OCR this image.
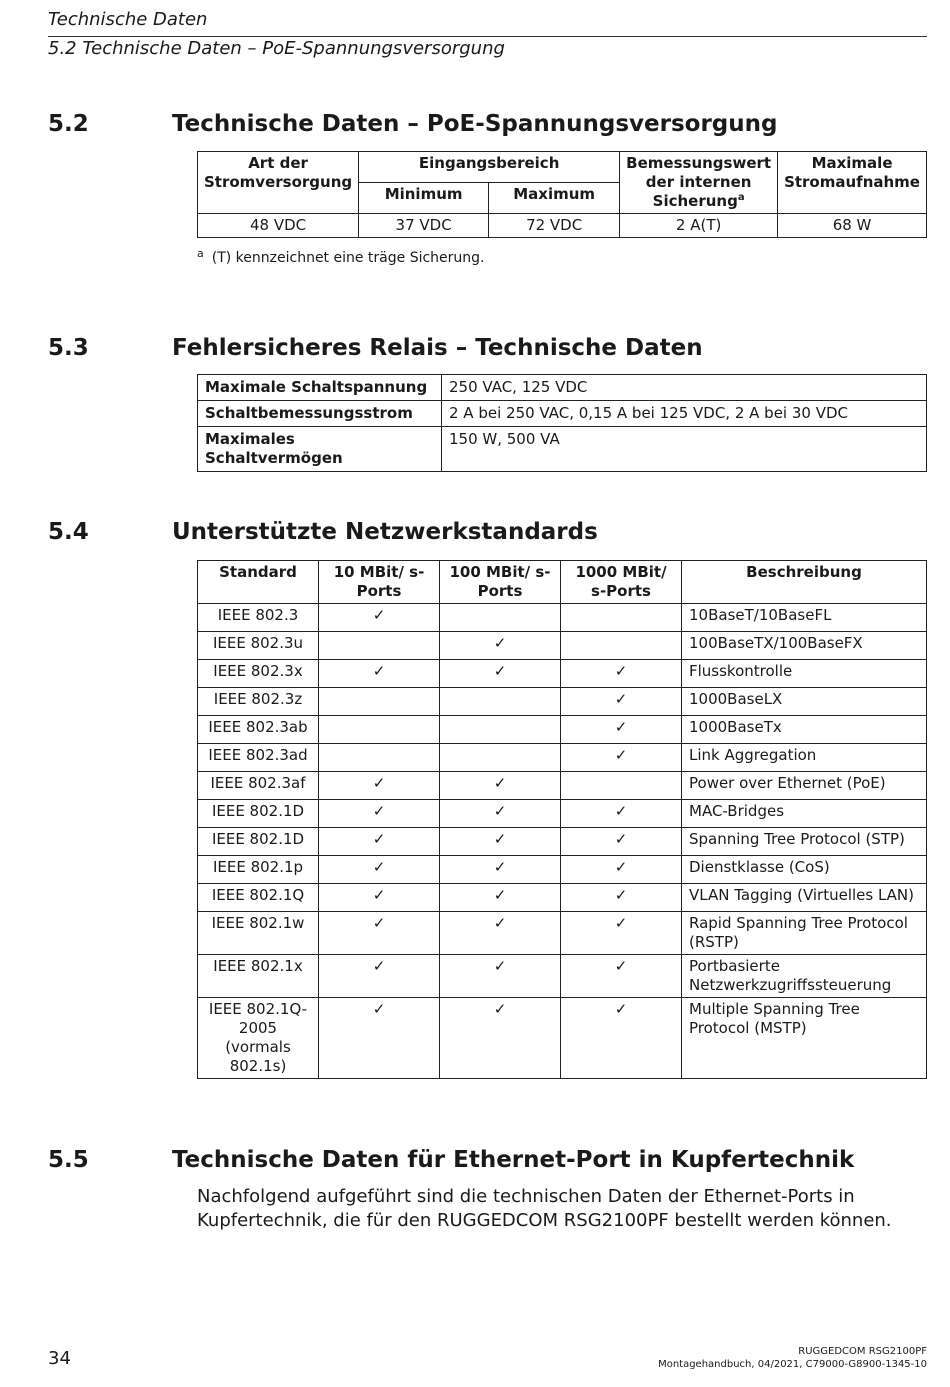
Technische Daten
5.2 Technische Daten – PoE-Spannungsversorgung
5.2	Technische Daten – PoE-Spannungsversorgung
Art der Stromversorgung	Eingangsbereich		Bemessungswert der internen Sicherung$^a$	Maximale Stromaufnahme
	Minimum	Maximum		
48 VDC	37 VDC	72 VDC	2 A(T)	68 W
$^a$ (T) kennzeichnet eine träge Sicherung.
5.3	Fehlersicheres Relais – Technische Daten
Maximale Schaltspannung	250 VAC, 125 VDC
Schaltbemessungsstrom	2 A bei 250 VAC, 0,15 A bei 125 VDC, 2 A bei 30 VDC
Maximales Schaltvermögen	150 W, 500 VA
5.4	Unterstützte Netzwerkstandards
Standard	10 MBit/ s-Ports	100 MBit/ s-Ports	1000 MBit/ s-Ports	Beschreibung
IEEE 802.3	✓			10BaseT/10BaseFL
IEEE 802.3u		✓		100BaseTX/100BaseFX
IEEE 802.3x	✓	✓	✓	Flusskontrolle
IEEE 802.3z			✓	1000BaseLX
IEEE 802.3ab			✓	1000BaseTx
IEEE 802.3ad			✓	Link Aggregation
IEEE 802.3af	✓	✓		Power over Ethernet (PoE)
IEEE 802.1D	✓	✓	✓	MAC-Bridges
IEEE 802.1D	✓	✓	✓	Spanning Tree Protocol (STP)
IEEE 802.1p	✓	✓	✓	Dienstklasse (CoS)
IEEE 802.1Q	✓	✓	✓	VLAN Tagging (Virtuelles LAN)
IEEE 802.1w	✓	✓	✓	Rapid Spanning Tree Protocol (RSTP)
IEEE 802.1x	✓	✓	✓	Portbasierte Netzwerkzugriffssteuerung
IEEE 802.1Q-2005 (vormals 802.1s)	✓	✓	✓	Multiple Spanning Tree Protocol (MSTP)
5.5	Technische Daten für Ethernet-Port in Kupfertechnik
Nachfolgend aufgeführt sind die technischen Daten der Ethernet-Ports in Kupfertechnik, die für den RUGGEDCOM RSG2100PF bestellt werden können.
34	RUGGEDCOM RSG2100PF
Montagehandbuch, 04/2021, C79000-G8900-1345-10
